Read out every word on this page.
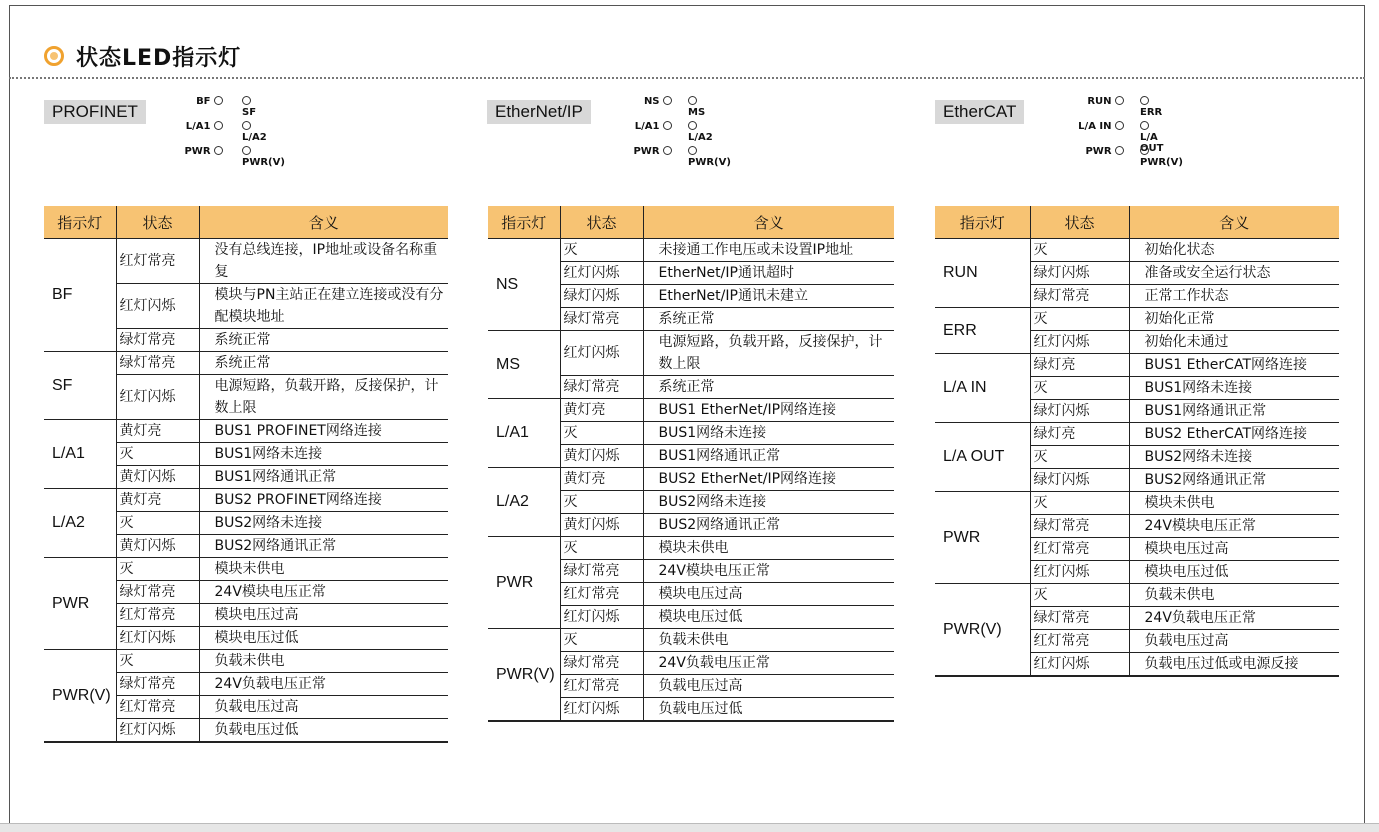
状态LED指示灯
PROFINET
BF
SF
L/A1
L/A2
PWR
PWR(V)
指示灯	状态	含义
BF	红灯常亮	没有总线连接，IP地址或设备名称重复
	红灯闪烁	模块与PN主站正在建立连接或没有分配模块地址
	绿灯常亮	系统正常
SF	绿灯常亮	系统正常
	红灯闪烁	电源短路，负载开路，反接保护，计数上限
L/A1	黄灯亮	BUS1 PROFINET网络连接
	灭	BUS1网络未连接
	黄灯闪烁	BUS1网络通讯正常
L/A2	黄灯亮	BUS2 PROFINET网络连接
	灭	BUS2网络未连接
	黄灯闪烁	BUS2网络通讯正常
PWR	灭	模块未供电
	绿灯常亮	24V模块电压正常
	红灯常亮	模块电压过高
	红灯闪烁	模块电压过低
PWR(V)	灭	负载未供电
	绿灯常亮	24V负载电压正常
	红灯常亮	负载电压过高
	红灯闪烁	负载电压过低
EtherNet/IP
NS
MS
L/A1
L/A2
PWR
PWR(V)
指示灯	状态	含义
NS	灭	未接通工作电压或未设置IP地址
	红灯闪烁	EtherNet/IP通讯超时
	绿灯闪烁	EtherNet/IP通讯未建立
	绿灯常亮	系统正常
MS	红灯闪烁	电源短路，负载开路，反接保护，计数上限
	绿灯常亮	系统正常
L/A1	黄灯亮	BUS1 EtherNet/IP网络连接
	灭	BUS1网络未连接
	黄灯闪烁	BUS1网络通讯正常
L/A2	黄灯亮	BUS2 EtherNet/IP网络连接
	灭	BUS2网络未连接
	黄灯闪烁	BUS2网络通讯正常
PWR	灭	模块未供电
	绿灯常亮	24V模块电压正常
	红灯常亮	模块电压过高
	红灯闪烁	模块电压过低
PWR(V)	灭	负载未供电
	绿灯常亮	24V负载电压正常
	红灯常亮	负载电压过高
	红灯闪烁	负载电压过低
EtherCAT
RUN
ERR
L/A IN
L/A OUT
PWR
PWR(V)
指示灯	状态	含义
RUN	灭	初始化状态
	绿灯闪烁	准备或安全运行状态
	绿灯常亮	正常工作状态
ERR	灭	初始化正常
	红灯闪烁	初始化未通过
L/A IN	绿灯亮	BUS1 EtherCAT网络连接
	灭	BUS1网络未连接
	绿灯闪烁	BUS1网络通讯正常
L/A OUT	绿灯亮	BUS2 EtherCAT网络连接
	灭	BUS2网络未连接
	绿灯闪烁	BUS2网络通讯正常
PWR	灭	模块未供电
	绿灯常亮	24V模块电压正常
	红灯常亮	模块电压过高
	红灯闪烁	模块电压过低
PWR(V)	灭	负载未供电
	绿灯常亮	24V负载电压正常
	红灯常亮	负载电压过高
	红灯闪烁	负载电压过低或电源反接
